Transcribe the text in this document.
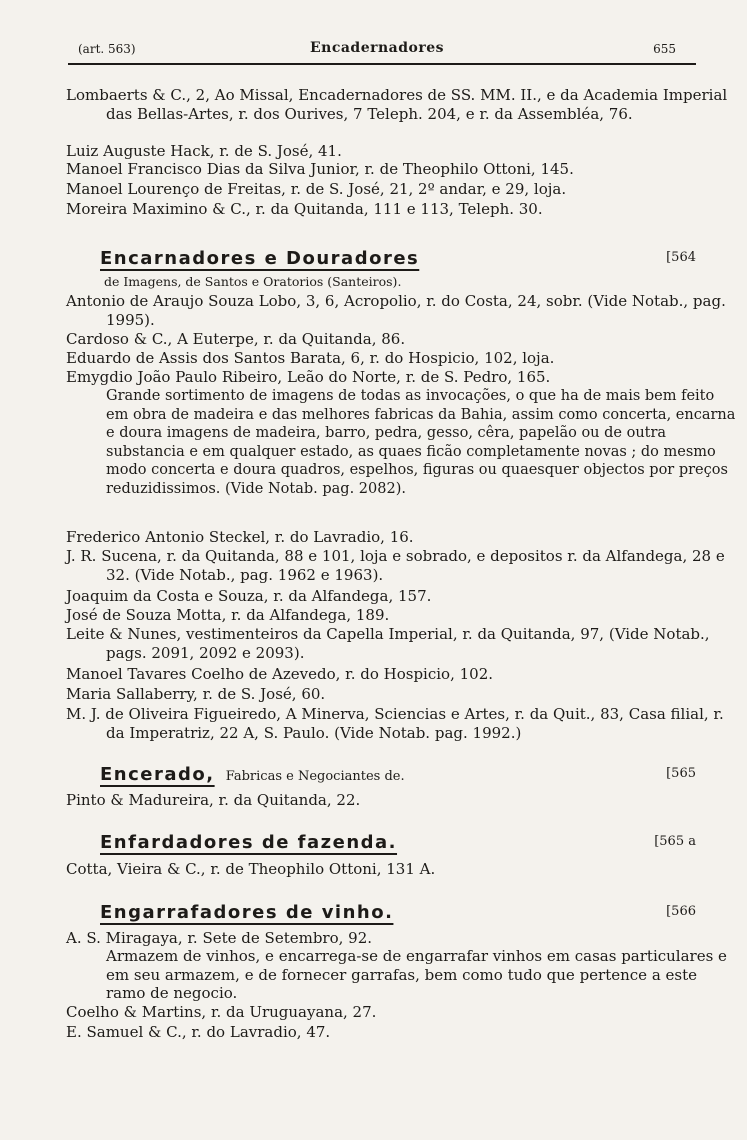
(art. 563)	Encadernadores	655
Lombaerts & C., 2, Ao Missal, Encadernadores de SS. MM. II., e da Academia Imperial das Bellas-Artes, r. dos Ourives, 7 Teleph. 204, e r. da Assembléa, 76.
Luiz Auguste Hack, r. de S. José, 41.
Manoel Francisco Dias da Silva Junior, r. de Theophilo Ottoni, 145.
Manoel Lourenço de Freitas, r. de S. José, 21, 2º andar, e 29, loja.
Moreira Maximino & C., r. da Quitanda, 111 e 113, Teleph. 30.
Encarnadores e Douradores	[564
de Imagens, de Santos e Oratorios (Santeiros).
Antonio de Araujo Souza Lobo, 3, 6, Acropolio, r. do Costa, 24, sobr. (Vide Notab., pag. 1995).
Cardoso & C., A Euterpe, r. da Quitanda, 86.
Eduardo de Assis dos Santos Barata, 6, r. do Hospicio, 102, loja.
Emygdio João Paulo Ribeiro, Leão do Norte, r. de S. Pedro, 165.
Grande sortimento de imagens de todas as invocações, o que ha de mais bem feito em obra de madeira e das melhores fabricas da Bahia, assim como concerta, encarna e doura imagens de madeira, barro, pedra, gesso, cêra, papelão ou de outra substancia e em qualquer estado, as quaes ficão completamente novas ; do mesmo modo concerta e doura quadros, espelhos, figuras ou quaesquer objectos por preços reduzidissimos. (Vide Notab. pag. 2082).
Frederico Antonio Steckel, r. do Lavradio, 16.
J. R. Sucena, r. da Quitanda, 88 e 101, loja e sobrado, e depositos r. da Alfandega, 28 e 32. (Vide Notab., pag. 1962 e 1963).
Joaquim da Costa e Souza, r. da Alfandega, 157.
José de Souza Motta, r. da Alfandega, 189.
Leite & Nunes, vestimenteiros da Capella Imperial, r. da Quitanda, 97, (Vide Notab., pags. 2091, 2092 e 2093).
Manoel Tavares Coelho de Azevedo, r. do Hospicio, 102.
Maria Sallaberry, r. de S. José, 60.
M. J. de Oliveira Figueiredo, A Minerva, Sciencias e Artes, r. da Quit., 83, Casa filial, r. da Imperatriz, 22 A, S. Paulo. (Vide Notab. pag. 1992.)
Encerado, Fabricas e Negociantes de.	[565
Pinto & Madureira, r. da Quitanda, 22.
Enfardadores de fazenda.	[565 a
Cotta, Vieira & C., r. de Theophilo Ottoni, 131 A.
Engarrafadores de vinho.	[566
A. S. Miragaya, r. Sete de Setembro, 92.
Armazem de vinhos, e encarrega-se de engarrafar vinhos em casas particulares e em seu armazem, e de fornecer garrafas, bem como tudo que pertence a este ramo de negocio.
Coelho & Martins, r. da Uruguayana, 27.
E. Samuel & C., r. do Lavradio, 47.
